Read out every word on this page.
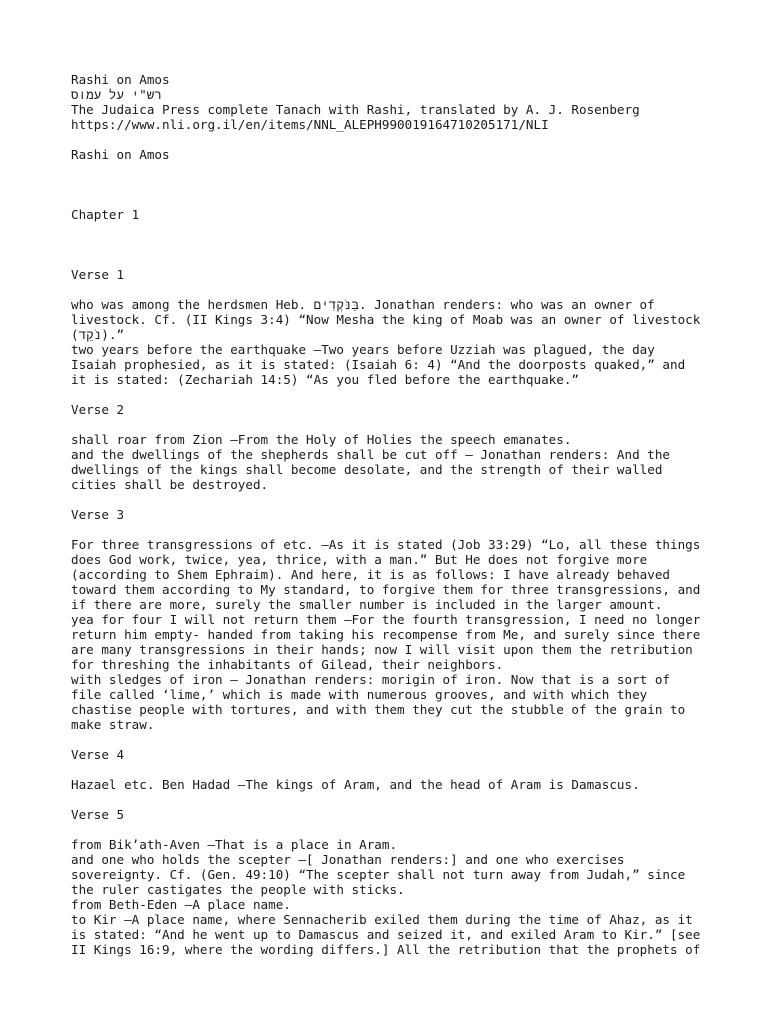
Rashi on Amos
רש"י על עמוס
The Judaica Press complete Tanach with Rashi, translated by A. J. Rosenberg
https://www.nli.org.il/en/items/NNL_ALEPH990019164710205171/NLI
Rashi on Amos
Chapter 1
Verse 1
who was among the herdsmen Heb. בַּנֹּקְדִים. Jonathan renders: who was an owner of
livestock. Cf. (II Kings 3:4) “Now Mesha the king of Moab was an owner of livestock
(נֹקֵד).”
two years before the earthquake —Two years before Uzziah was plagued, the day
Isaiah prophesied, as it is stated: (Isaiah 6: 4) “And the doorposts quaked,” and
it is stated: (Zechariah 14:5) “As you fled before the earthquake.”
Verse 2
shall roar from Zion —From the Holy of Holies the speech emanates.
and the dwellings of the shepherds shall be cut off — Jonathan renders: And the
dwellings of the kings shall become desolate, and the strength of their walled
cities shall be destroyed.
Verse 3
For three transgressions of etc. —As it is stated (Job 33:29) “Lo, all these things
does God work, twice, yea, thrice, with a man.” But He does not forgive more
(according to Shem Ephraim). And here, it is as follows: I have already behaved
toward them according to My standard, to forgive them for three transgressions, and
if there are more, surely the smaller number is included in the larger amount.
yea for four I will not return them —For the fourth transgression, I need no longer
return him empty- handed from taking his recompense from Me, and surely since there
are many transgressions in their hands; now I will visit upon them the retribution
for threshing the inhabitants of Gilead, their neighbors.
with sledges of iron — Jonathan renders: morigin of iron. Now that is a sort of
file called ‘lime,’ which is made with numerous grooves, and with which they
chastise people with tortures, and with them they cut the stubble of the grain to
make straw.
Verse 4
Hazael etc. Ben Hadad —The kings of Aram, and the head of Aram is Damascus.
Verse 5
from Bik’ath-Aven —That is a place in Aram.
and one who holds the scepter —[ Jonathan renders:] and one who exercises
sovereignty. Cf. (Gen. 49:10) “The scepter shall not turn away from Judah,” since
the ruler castigates the people with sticks.
from Beth-Eden —A place name.
to Kir —A place name, where Sennacherib exiled them during the time of Ahaz, as it
is stated: “And he went up to Damascus and seized it, and exiled Aram to Kir.” [see
II Kings 16:9, where the wording differs.] All the retribution that the prophets of
